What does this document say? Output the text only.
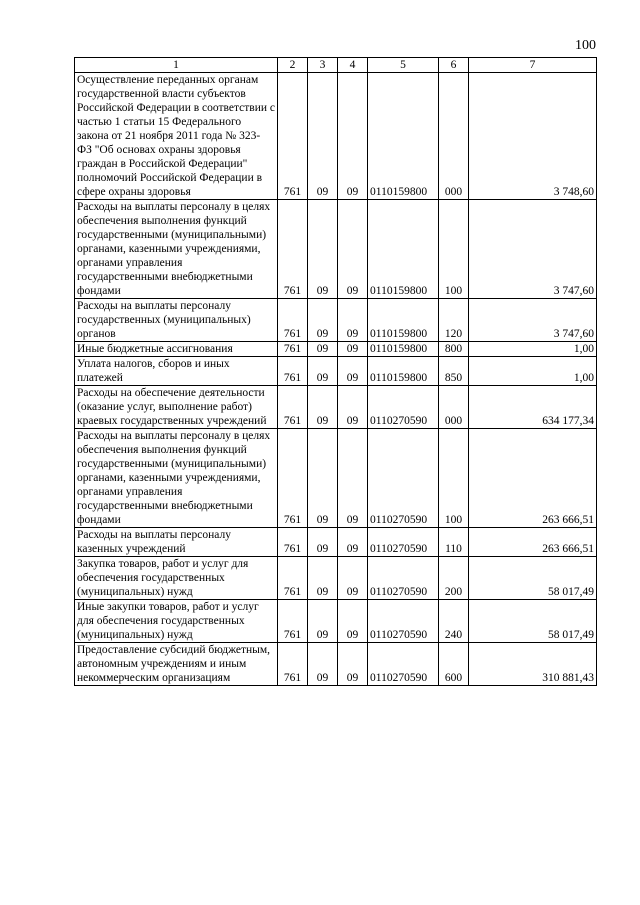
100
1	2	3	4	5	6	7
Осуществление переданных органам государственной власти субъектов Российской Федерации в соответствии с частью 1 статьи 15 Федерального закона от 21 ноября 2011 года № 323-ФЗ "Об основах охраны здоровья граждан в Российской Федерации" полномочий Российской Федерации в сфере охраны здоровья	761	09	09	0110159800	000	3 748,60
Расходы на выплаты персоналу в целях обеспечения выполнения функций государственными (муниципальными) органами, казенными учреждениями, органами управления государственными внебюджетными фондами	761	09	09	0110159800	100	3 747,60
Расходы на выплаты персоналу государственных (муниципальных) органов	761	09	09	0110159800	120	3 747,60
Иные бюджетные ассигнования	761	09	09	0110159800	800	1,00
Уплата налогов, сборов и иных платежей	761	09	09	0110159800	850	1,00
Расходы на обеспечение деятельности (оказание услуг, выполнение работ) краевых государственных учреждений	761	09	09	0110270590	000	634 177,34
Расходы на выплаты персоналу в целях обеспечения выполнения функций государственными (муниципальными) органами, казенными учреждениями, органами управления государственными внебюджетными фондами	761	09	09	0110270590	100	263 666,51
Расходы на выплаты персоналу казенных учреждений	761	09	09	0110270590	110	263 666,51
Закупка товаров, работ и услуг для обеспечения государственных (муниципальных) нужд	761	09	09	0110270590	200	58 017,49
Иные закупки товаров, работ и услуг для обеспечения государственных (муниципальных) нужд	761	09	09	0110270590	240	58 017,49
Предоставление субсидий бюджетным, автономным учреждениям и иным некоммерческим организациям	761	09	09	0110270590	600	310 881,43
